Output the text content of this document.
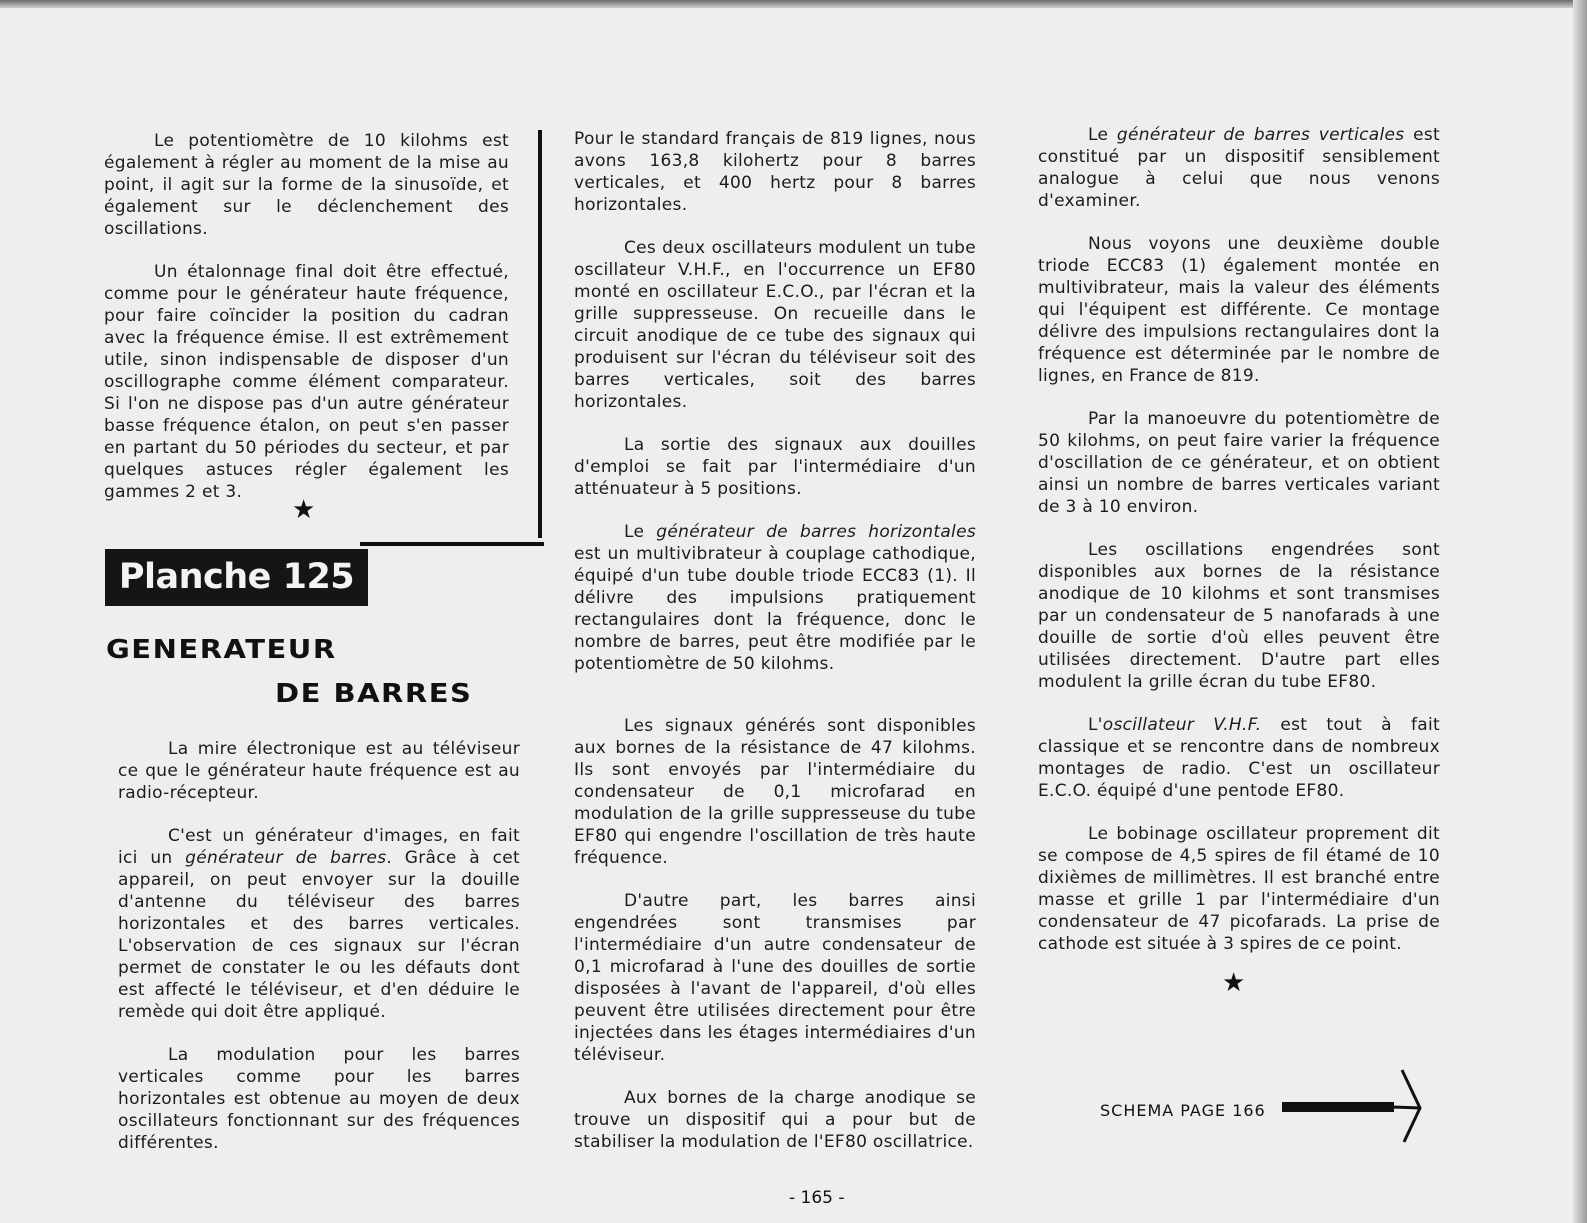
Le potentiomètre de 10 kilohms est également à régler au moment de la mise au point, il agit sur la forme de la sinusoïde, et également sur le déclenchement des oscillations.

Un étalonnage final doit être effectué, comme pour le générateur haute fréquence, pour faire coïncider la position du cadran avec la fréquence émise. Il est extrêmement utile, sinon indispensable de disposer d'un oscillographe comme élément comparateur. Si l'on ne dispose pas d'un autre générateur basse fréquence étalon, on peut s'en passer en partant du 50 périodes du secteur, et par quelques astuces régler également les gammes 2 et 3.

★
Planche 125
GENERATEUR
DE BARRES

La mire électronique est au téléviseur ce que le générateur haute fréquence est au radio-récepteur.

C'est un générateur d'images, en fait ici un générateur de barres. Grâce à cet appareil, on peut envoyer sur la douille d'antenne du téléviseur des barres horizontales et des barres verticales. L'observation de ces signaux sur l'écran permet de constater le ou les défauts dont est affecté le téléviseur, et d'en déduire le remède qui doit être appliqué.

La modulation pour les barres verticales comme pour les barres horizontales est obtenue au moyen de deux oscillateurs fonctionnant sur des fréquences différentes.

Pour le standard français de 819 lignes, nous avons 163,8 kilohertz pour 8 barres verticales, et 400 hertz pour 8 barres horizontales.

Ces deux oscillateurs modulent un tube oscillateur V.H.F., en l'occurrence un EF80 monté en oscillateur E.C.O., par l'écran et la grille suppresseuse. On recueille dans le circuit anodique de ce tube des signaux qui produisent sur l'écran du téléviseur soit des barres verticales, soit des barres horizontales.

La sortie des signaux aux douilles d'emploi se fait par l'intermédiaire d'un atténuateur à 5 positions.

Le générateur de barres horizontales est un multivibrateur à couplage cathodique, équipé d'un tube double triode ECC83 (1). Il délivre des impulsions pratiquement rectangulaires dont la fréquence, donc le nombre de barres, peut être modifiée par le potentiomètre de 50 kilohms.

Les signaux générés sont disponibles aux bornes de la résistance de 47 kilohms. Ils sont envoyés par l'intermédiaire du condensateur de 0,1 microfarad en modulation de la grille suppresseuse du tube EF80 qui engendre l'oscillation de très haute fréquence.

D'autre part, les barres ainsi engendrées sont transmises par l'intermédiaire d'un autre condensateur de 0,1 microfarad à l'une des douilles de sortie disposées à l'avant de l'appareil, d'où elles peuvent être utilisées directement pour être injectées dans les étages intermédiaires d'un téléviseur.

Aux bornes de la charge anodique se trouve un dispositif qui a pour but de stabiliser la modulation de l'EF80 oscillatrice.

Le générateur de barres verticales est constitué par un dispositif sensiblement analogue à celui que nous venons d'examiner.

Nous voyons une deuxième double triode ECC83 (1) également montée en multivibrateur, mais la valeur des éléments qui l'équipent est différente. Ce montage délivre des impulsions rectangulaires dont la fréquence est déterminée par le nombre de lignes, en France de 819.

Par la manoeuvre du potentiomètre de 50 kilohms, on peut faire varier la fréquence d'oscillation de ce générateur, et on obtient ainsi un nombre de barres verticales variant de 3 à 10 environ.

Les oscillations engendrées sont disponibles aux bornes de la résistance anodique de 10 kilohms et sont transmises par un condensateur de 5 nanofarads à une douille de sortie d'où elles peuvent être utilisées directement. D'autre part elles modulent la grille écran du tube EF80.

L'oscillateur V.H.F. est tout à fait classique et se rencontre dans de nombreux montages de radio. C'est un oscillateur E.C.O. équipé d'une pentode EF80.

Le bobinage oscillateur proprement dit se compose de 4,5 spires de fil étamé de 10 dixièmes de millimètres. Il est branché entre masse et grille 1 par l'intermédiaire d'un condensateur de 47 picofarads. La prise de cathode est située à 3 spires de ce point.

★
SCHEMA PAGE 166
- 165 -
